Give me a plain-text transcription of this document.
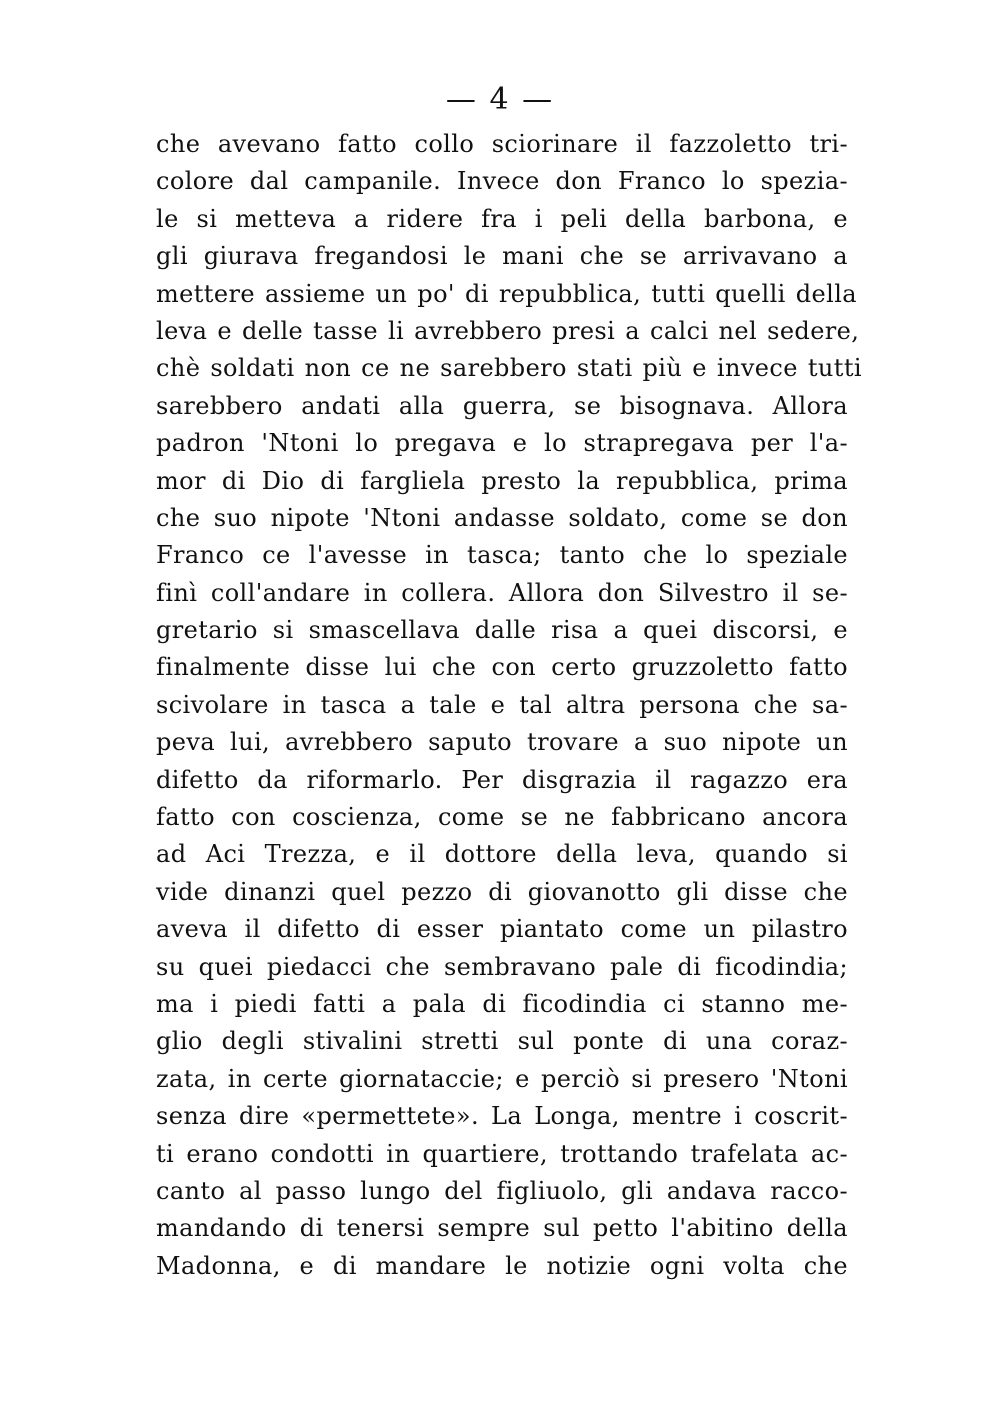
— 4 —
che avevano fatto collo sciorinare il fazzoletto tri-
colore dal campanile. Invece don Franco lo spezia-
le si metteva a ridere fra i peli della barbona, e
gli giurava fregandosi le mani che se arrivavano a
mettere assieme un po' di repubblica, tutti quelli della
leva e delle tasse li avrebbero presi a calci nel sedere,
chè soldati non ce ne sarebbero stati più e invece tutti
sarebbero andati alla guerra, se bisognava. Allora
padron 'Ntoni lo pregava e lo strapregava per l'a-
mor di Dio di fargliela presto la repubblica, prima
che suo nipote 'Ntoni andasse soldato, come se don
Franco ce l'avesse in tasca; tanto che lo speziale
finì coll'andare in collera. Allora don Silvestro il se-
gretario si smascellava dalle risa a quei discorsi, e
finalmente disse lui che con certo gruzzoletto fatto
scivolare in tasca a tale e tal altra persona che sa-
peva lui, avrebbero saputo trovare a suo nipote un
difetto da riformarlo. Per disgrazia il ragazzo era
fatto con coscienza, come se ne fabbricano ancora
ad Aci Trezza, e il dottore della leva, quando si
vide dinanzi quel pezzo di giovanotto gli disse che
aveva il difetto di esser piantato come un pilastro
su quei piedacci che sembravano pale di ficodindia;
ma i piedi fatti a pala di ficodindia ci stanno me-
glio degli stivalini stretti sul ponte di una coraz-
zata, in certe giornataccie; e perciò si presero 'Ntoni
senza dire «permettete». La Longa, mentre i coscrit-
ti erano condotti in quartiere, trottando trafelata ac-
canto al passo lungo del figliuolo, gli andava racco-
mandando di tenersi sempre sul petto l'abitino della
Madonna, e di mandare le notizie ogni volta che
